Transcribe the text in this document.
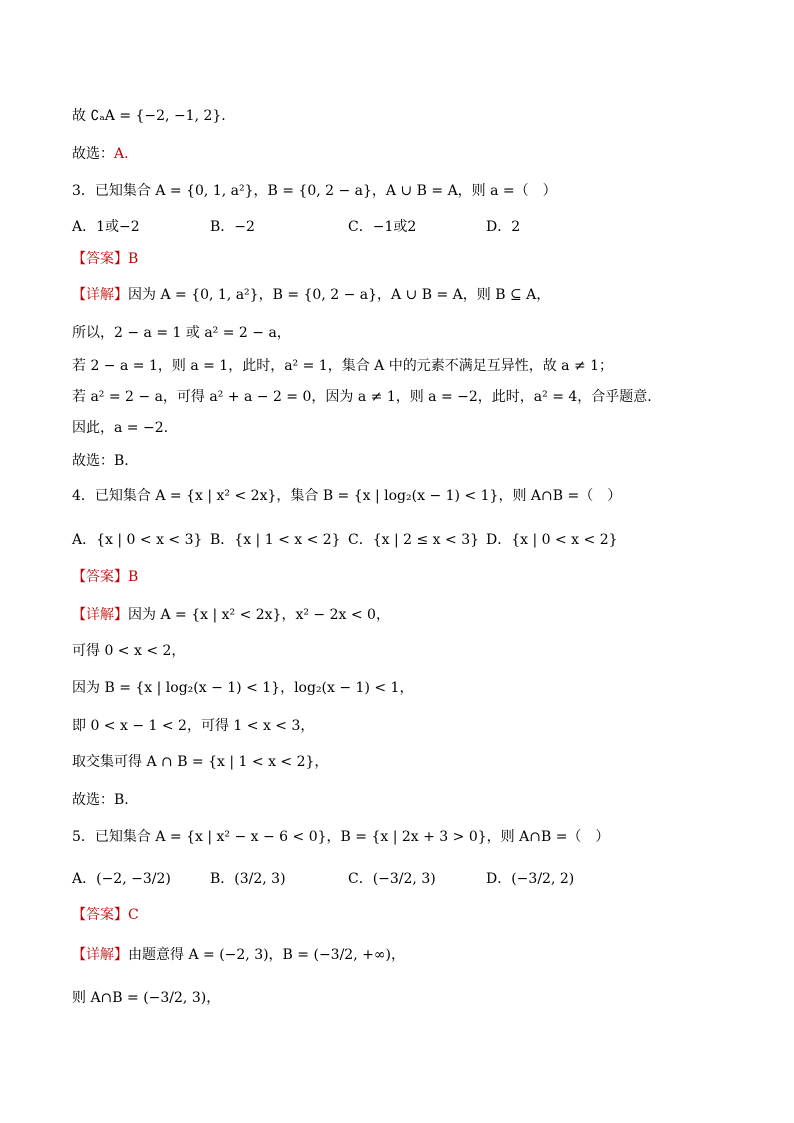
故 ∁ₐA = {−2, −1, 2}.
故选：A.
3．已知集合 A = {0, 1, a²}，B = {0, 2 − a}，A ∪ B = A，则 a =（　）
A．1或−2	B．−2	C．−1或2	D．2
【答案】B
【详解】因为 A = {0, 1, a²}，B = {0, 2 − a}，A ∪ B = A，则 B ⊆ A，
所以，2 − a = 1 或 a² = 2 − a，
若 2 − a = 1，则 a = 1，此时，a² = 1，集合 A 中的元素不满足互异性，故 a ≠ 1；
若 a² = 2 − a，可得 a² + a − 2 = 0，因为 a ≠ 1，则 a = −2，此时，a² = 4，合乎题意.
因此，a = −2.
故选：B.
4．已知集合 A = {x | x² < 2x}，集合 B = {x | log₂(x − 1) < 1}，则 A∩B =（　）
A．{x | 0 < x < 3} B．{x | 1 < x < 2} C．{x | 2 ≤ x < 3} D．{x | 0 < x < 2}
【答案】B
【详解】因为 A = {x | x² < 2x}，x² − 2x < 0，
可得 0 < x < 2，
因为 B = {x | log₂(x − 1) < 1}，log₂(x − 1) < 1，
即 0 < x − 1 < 2，可得 1 < x < 3，
取交集可得 A ∩ B = {x | 1 < x < 2}，
故选：B.
5．已知集合 A = {x | x² − x − 6 < 0}，B = {x | 2x + 3 > 0}，则 A∩B =（　）
A．(−2, −3/2)	B．(3/2, 3)	C．(−3/2, 3)	D．(−3/2, 2)
【答案】C
【详解】由题意得 A = (−2, 3)，B = (−3/2, +∞)，
则 A∩B = (−3/2, 3)，
